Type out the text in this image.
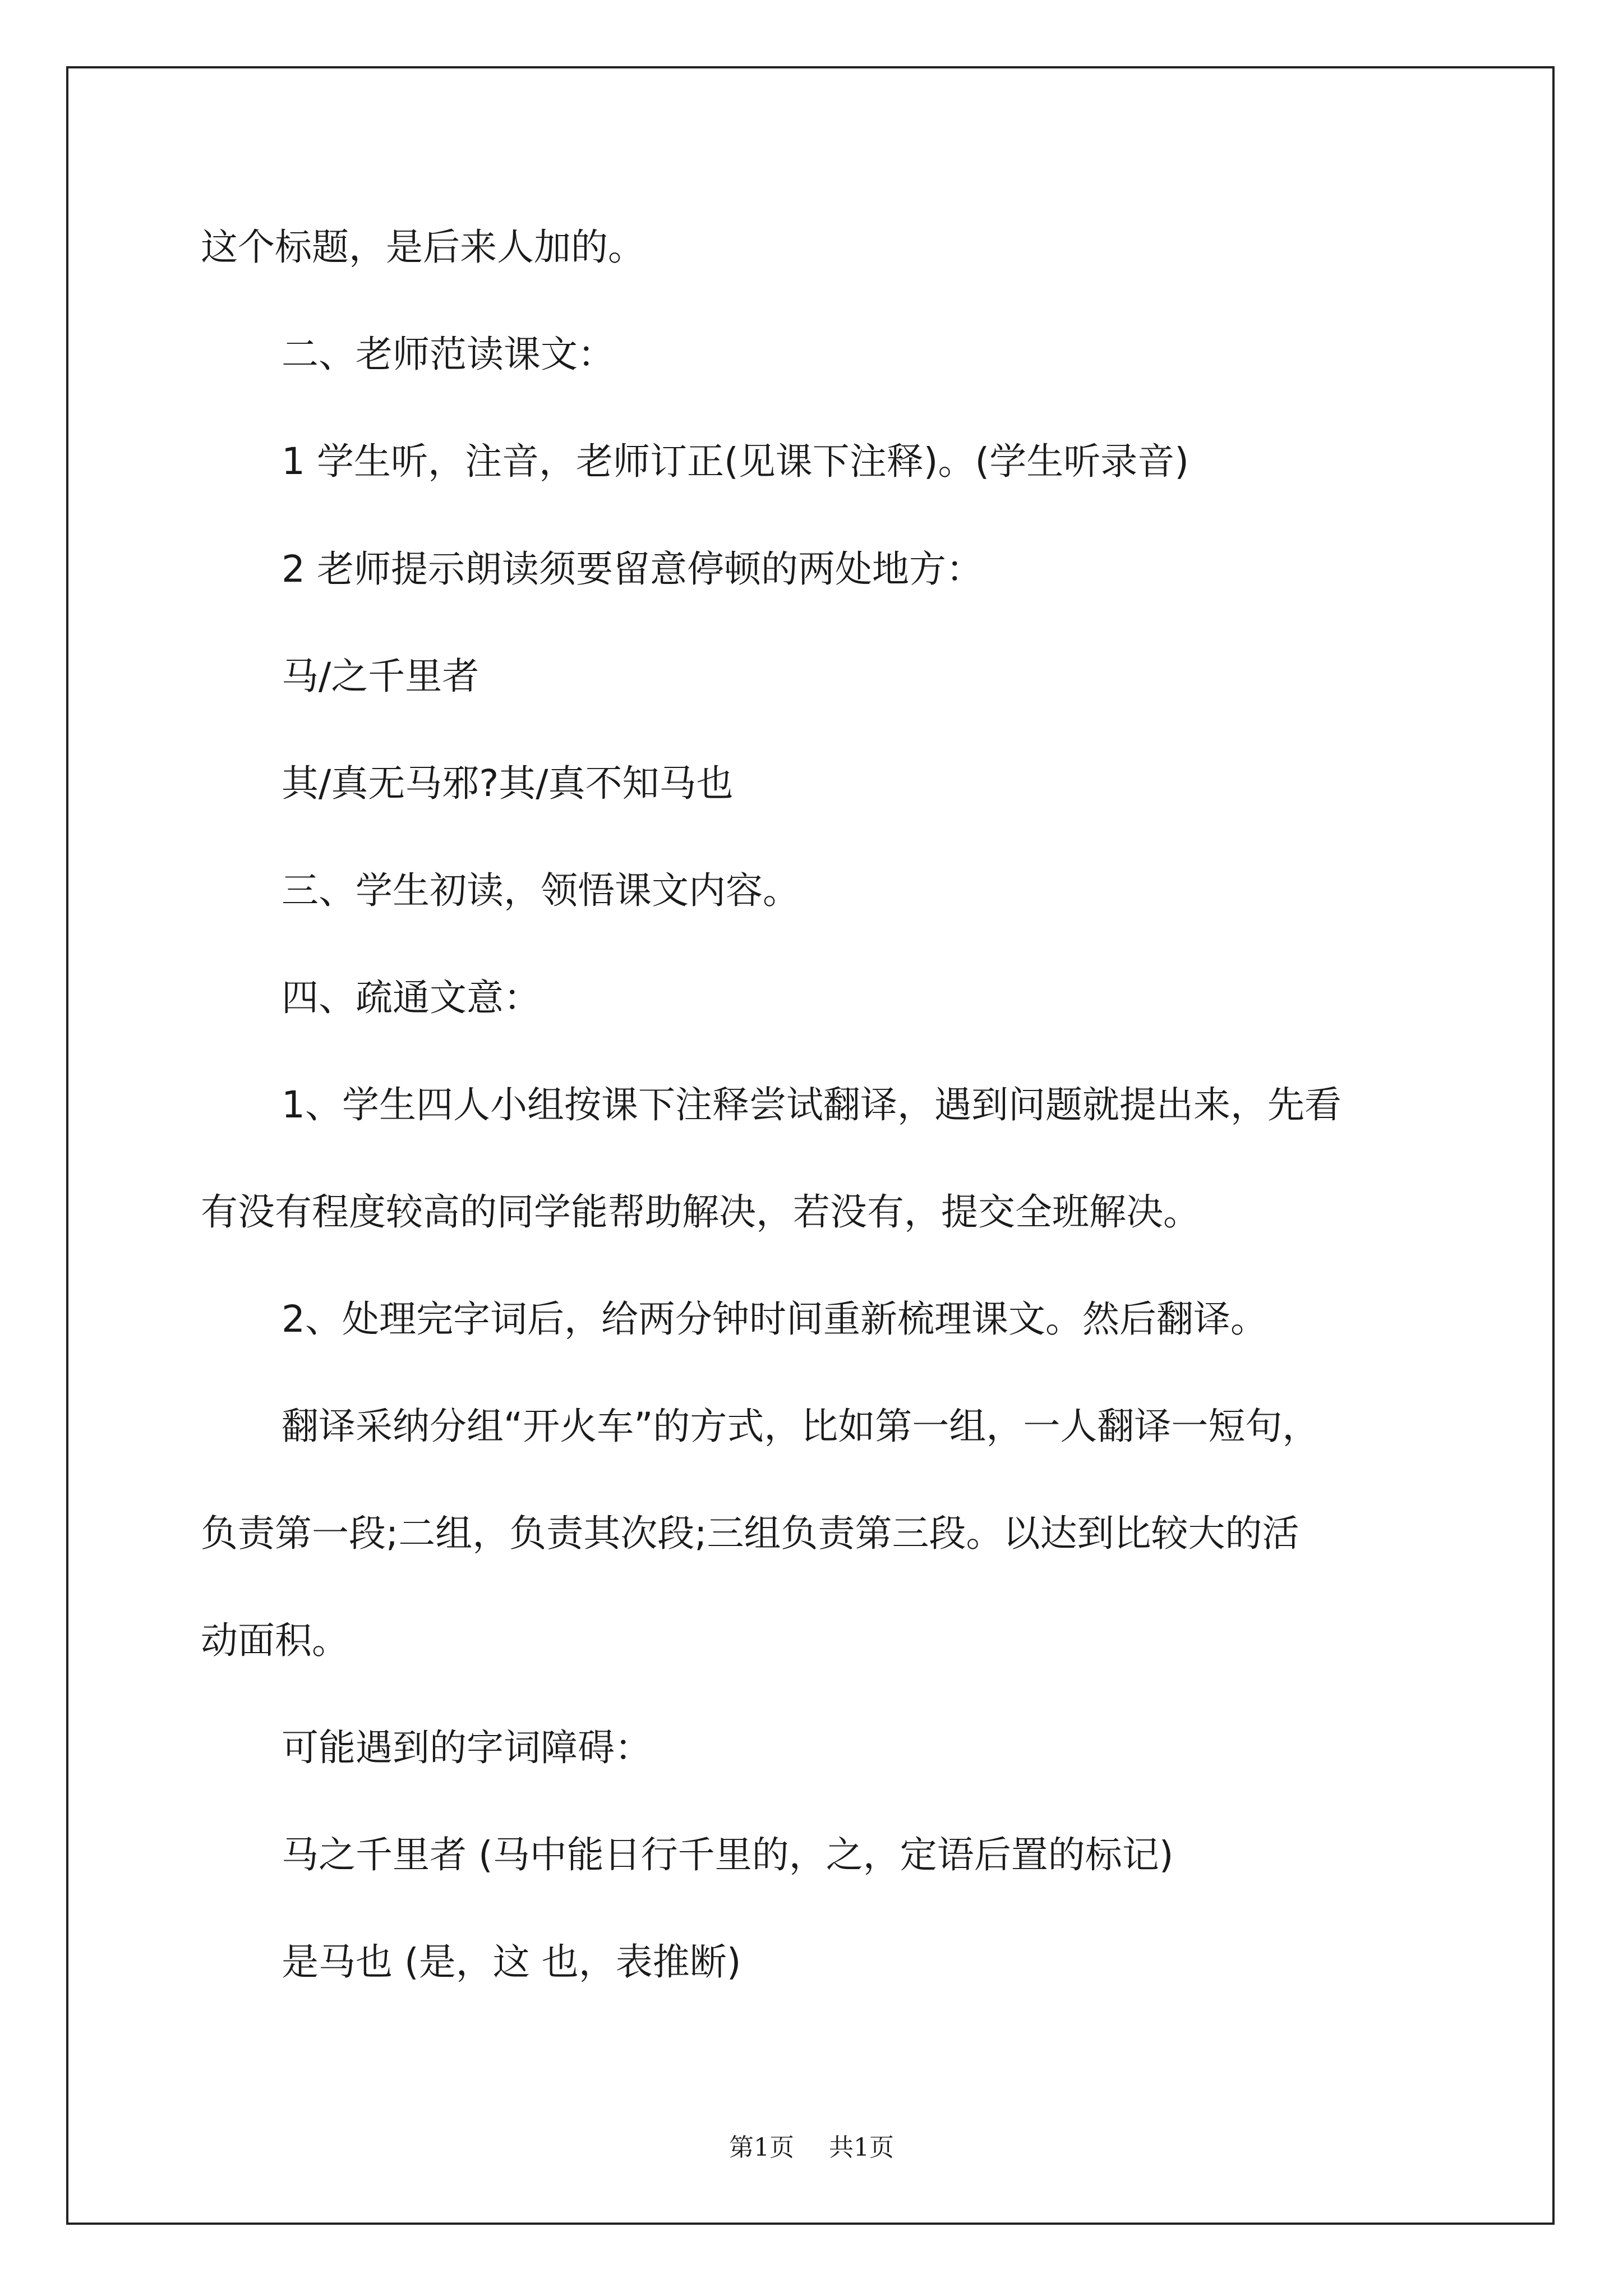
这个标题，是后来人加的。
二、老师范读课文：
1 学生听，注音，老师订正(见课下注释)。(学生听录音)
2 老师提示朗读须要留意停顿的两处地方：
马/之千里者
其/真无马邪?其/真不知马也
三、学生初读，领悟课文内容。
四、疏通文意：
1、学生四人小组按课下注释尝试翻译，遇到问题就提出来，先看
有没有程度较高的同学能帮助解决，若没有，提交全班解决。
2、处理完字词后，给两分钟时间重新梳理课文。然后翻译。
翻译采纳分组“开火车”的方式，比如第一组，一人翻译一短句，
负责第一段;二组，负责其次段;三组负责第三段。以达到比较大的活
动面积。
可能遇到的字词障碍：
马之千里者 (马中能日行千里的，之，定语后置的标记)
是马也 (是，这 也，表推断)
第1页 共1页
